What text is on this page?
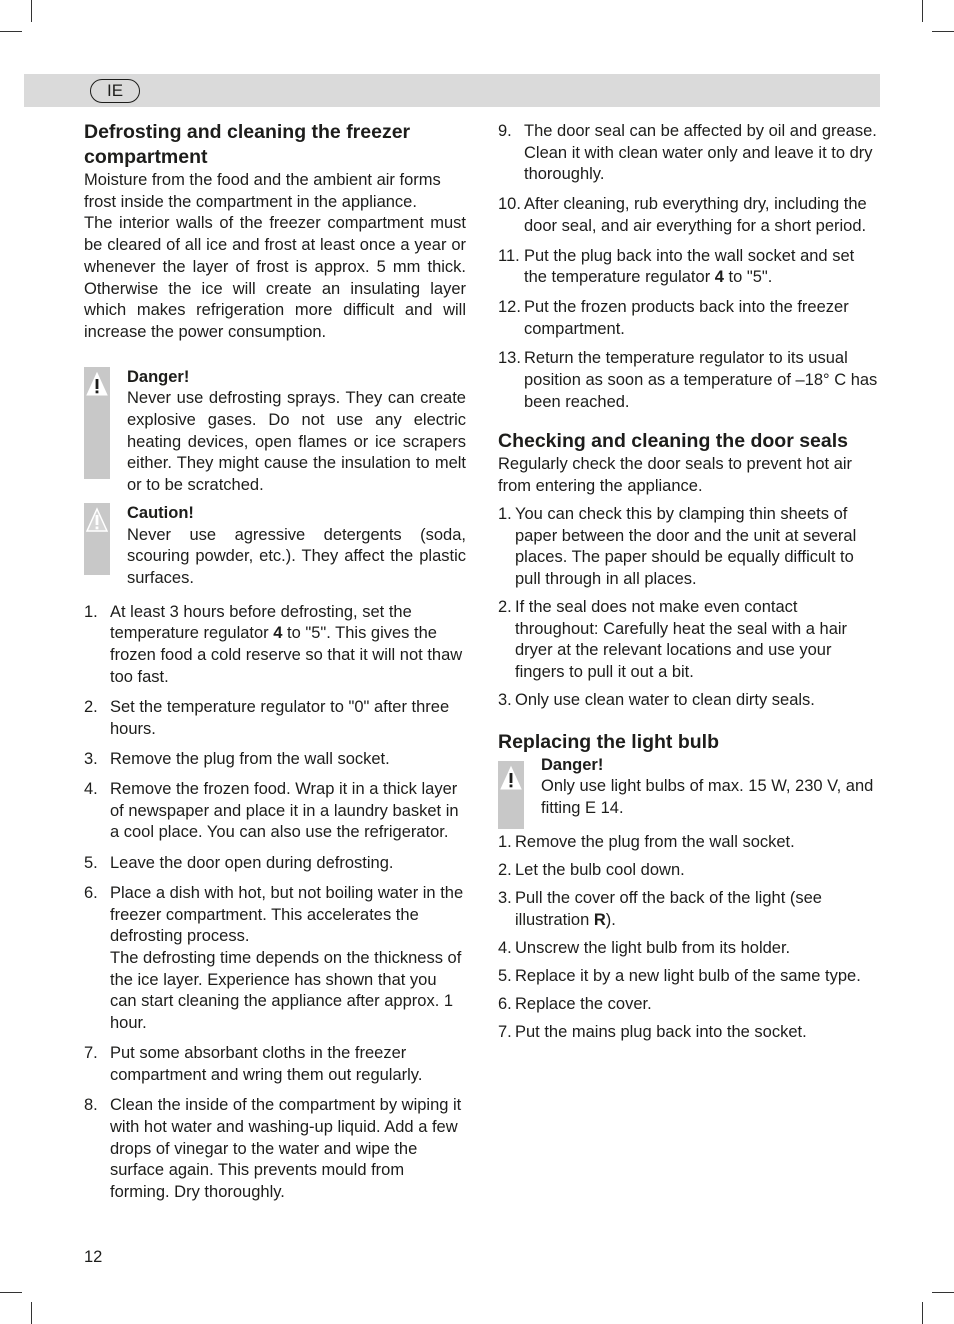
IE
Defrosting and cleaning the freezer compartment

Moisture from the food and the ambient air forms frost inside the compartment in the appliance.

The interior walls of the freezer compartment must be cleared of all ice and frost at least once a year or whenever the layer of frost is approx. 5 mm thick. Otherwise the ice will create an insulating layer which makes refrigeration more difficult and will increase the power consumption.

Danger!

Never use defrosting sprays. They can create explosive gases. Do not use any electric heating devices, open flames or ice scrapers either. They might cause the insulation to melt or to be scratched.

Caution!

Never use agressive detergents (soda, scouring powder, etc.). They affect the plastic surfaces.

1. At least 3 hours before defrosting, set the temperature regulator 4 to "5". This gives the frozen food a cold reserve so that it will not thaw too fast.
2. Set the temperature regulator to "0" after three hours.
3. Remove the plug from the wall socket.
4. Remove the frozen food. Wrap it in a thick layer of newspaper and place it in a laundry basket in a cool place. You can also use the refrigerator.
5. Leave the door open during defrosting.
6. Place a dish with hot, but not boiling water in the freezer compartment. This accelerates the defrosting process.
The defrosting time depends on the thickness of the ice layer. Experience has shown that you can start cleaning the appliance after approx. 1 hour.
7. Put some absorbant cloths in the freezer compartment and wring them out regularly.
8. Clean the inside of the compartment by wiping it with hot water and washing-up liquid. Add a few drops of vinegar to the water and wipe the surface again. This prevents mould from forming. Dry thoroughly.
9. The door seal can be affected by oil and grease. Clean it with clean water only and leave it to dry thoroughly.
10. After cleaning, rub everything dry, including the door seal, and air everything for a short period.
11. Put the plug back into the wall socket and set the temperature regulator 4 to "5".
12. Put the frozen products back into the freezer compartment.
13. Return the temperature regulator to its usual position as soon as a temperature of –18° C has been reached.
Checking and cleaning the door seals

Regularly check the door seals to prevent hot air from entering the appliance.

1. You can check this by clamping thin sheets of paper between the door and the unit at several places. The paper should be equally difficult to pull through in all places.
2. If the seal does not make even contact throughout: Carefully heat the seal with a hair dryer at the relevant locations and use your fingers to pull it out a bit.
3. Only use clean water to clean dirty seals.
Replacing the light bulb
Danger!

Only use light bulbs of max. 15 W, 230 V, and fitting E 14.

1. Remove the plug from the wall socket.
2. Let the bulb cool down.
3. Pull the cover off the back of the light (see illustration R).
4. Unscrew the light bulb from its holder.
5. Replace it by a new light bulb of the same type.
6. Replace the cover.
7. Put the mains plug back into the socket.
12
